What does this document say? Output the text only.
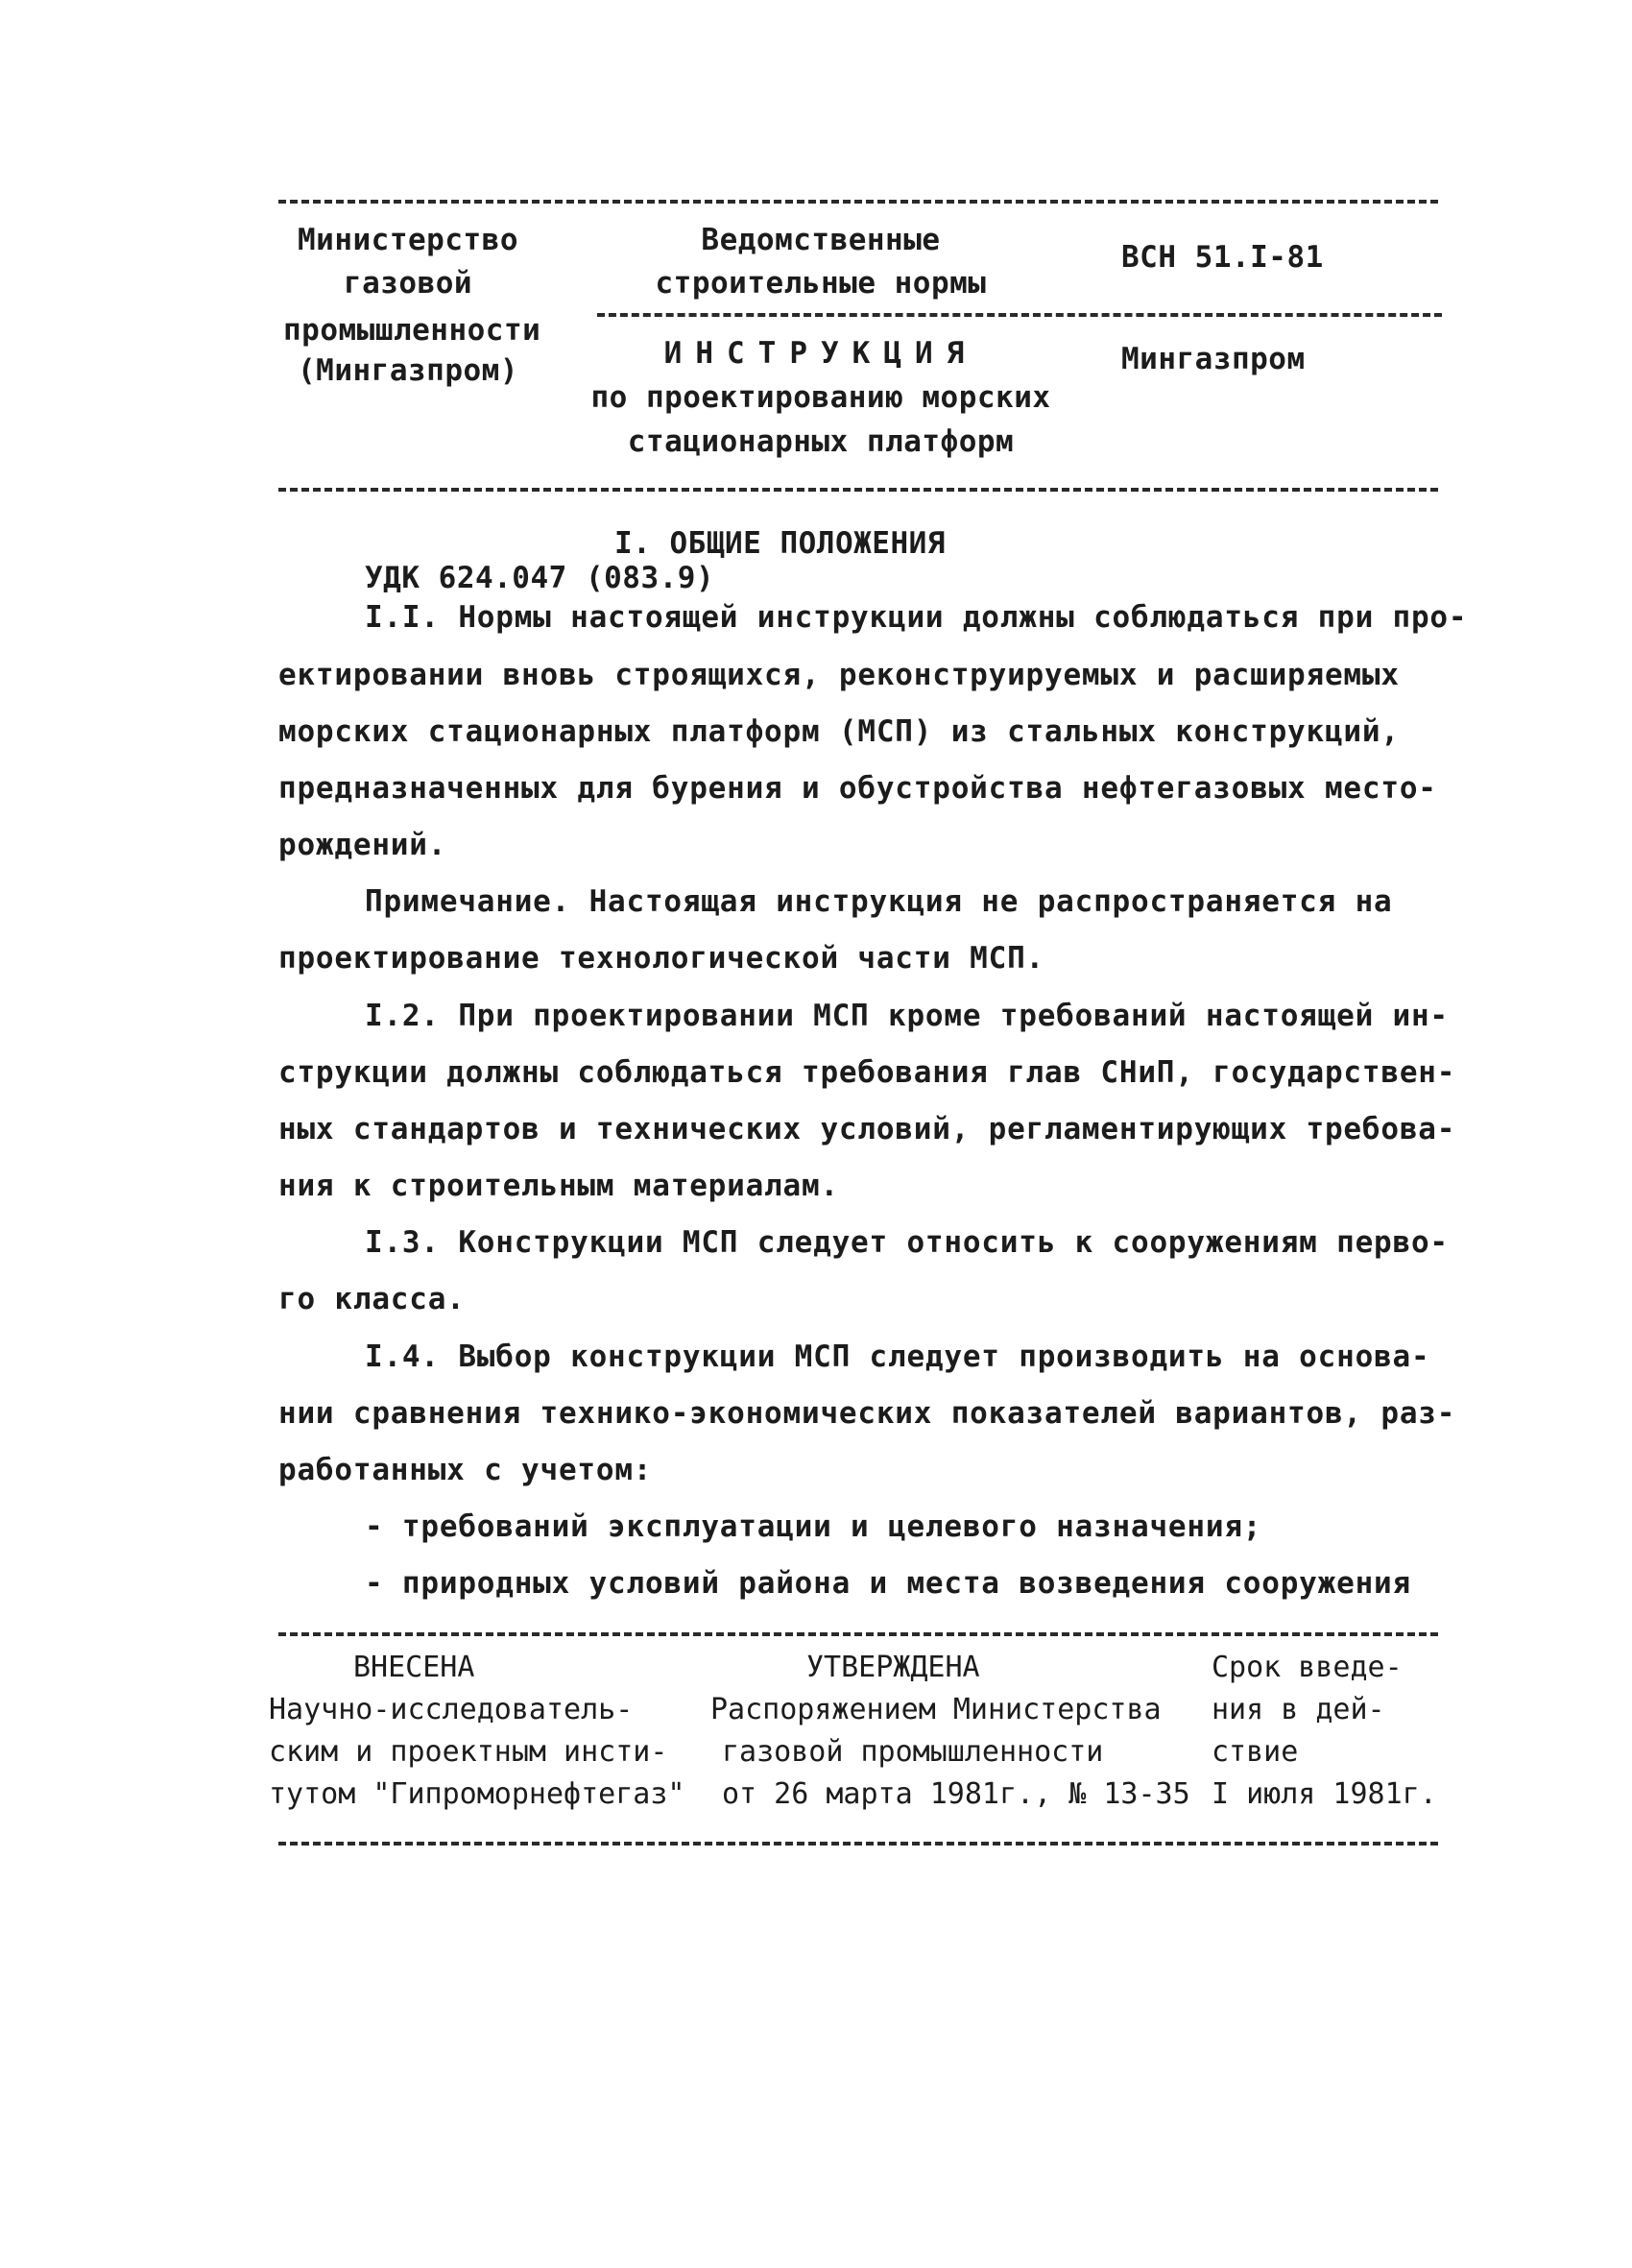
Министерство
газовой
промышленности
(Мингазпром)
Ведомственные
строительные нормы
ВСН 51.I-81
ИНСТРУКЦИЯ
по проектированию морских
стационарных платформ
Мингазпром
I. ОБЩИЕ ПОЛОЖЕНИЯ
УДК 624.047 (083.9)
I.I. Нормы настоящей инструкции должны соблюдаться при про-
ектировании вновь строящихся, реконструируемых и расширяемых
морских стационарных платформ (МСП) из стальных конструкций,
предназначенных для бурения и обустройства нефтегазовых место-
рождений.
Примечание. Настоящая инструкция не распространяется на
проектирование технологической части МСП.
I.2. При проектировании МСП кроме требований настоящей ин-
струкции должны соблюдаться требования глав СНиП, государствен-
ных стандартов и технических условий, регламентирующих требова-
ния к строительным материалам.
I.3. Конструкции МСП следует относить к сооружениям перво-
го класса.
I.4. Выбор конструкции МСП следует производить на основа-
нии сравнения технико-экономических показателей вариантов, раз-
работанных с учетом:
- требований эксплуатации и целевого назначения;
- природных условий района и места возведения сооружения
ВНЕСЕНА
Научно-исследователь-
ским и проектным инсти-
тутом "Гипроморнефтегаз"
УТВЕРЖДЕНА
Распоряжением Министерства
газовой промышленности
от 26 марта 1981г., № 13-35
Срок введе-
ния в дей-
ствие
I июля 1981г.
